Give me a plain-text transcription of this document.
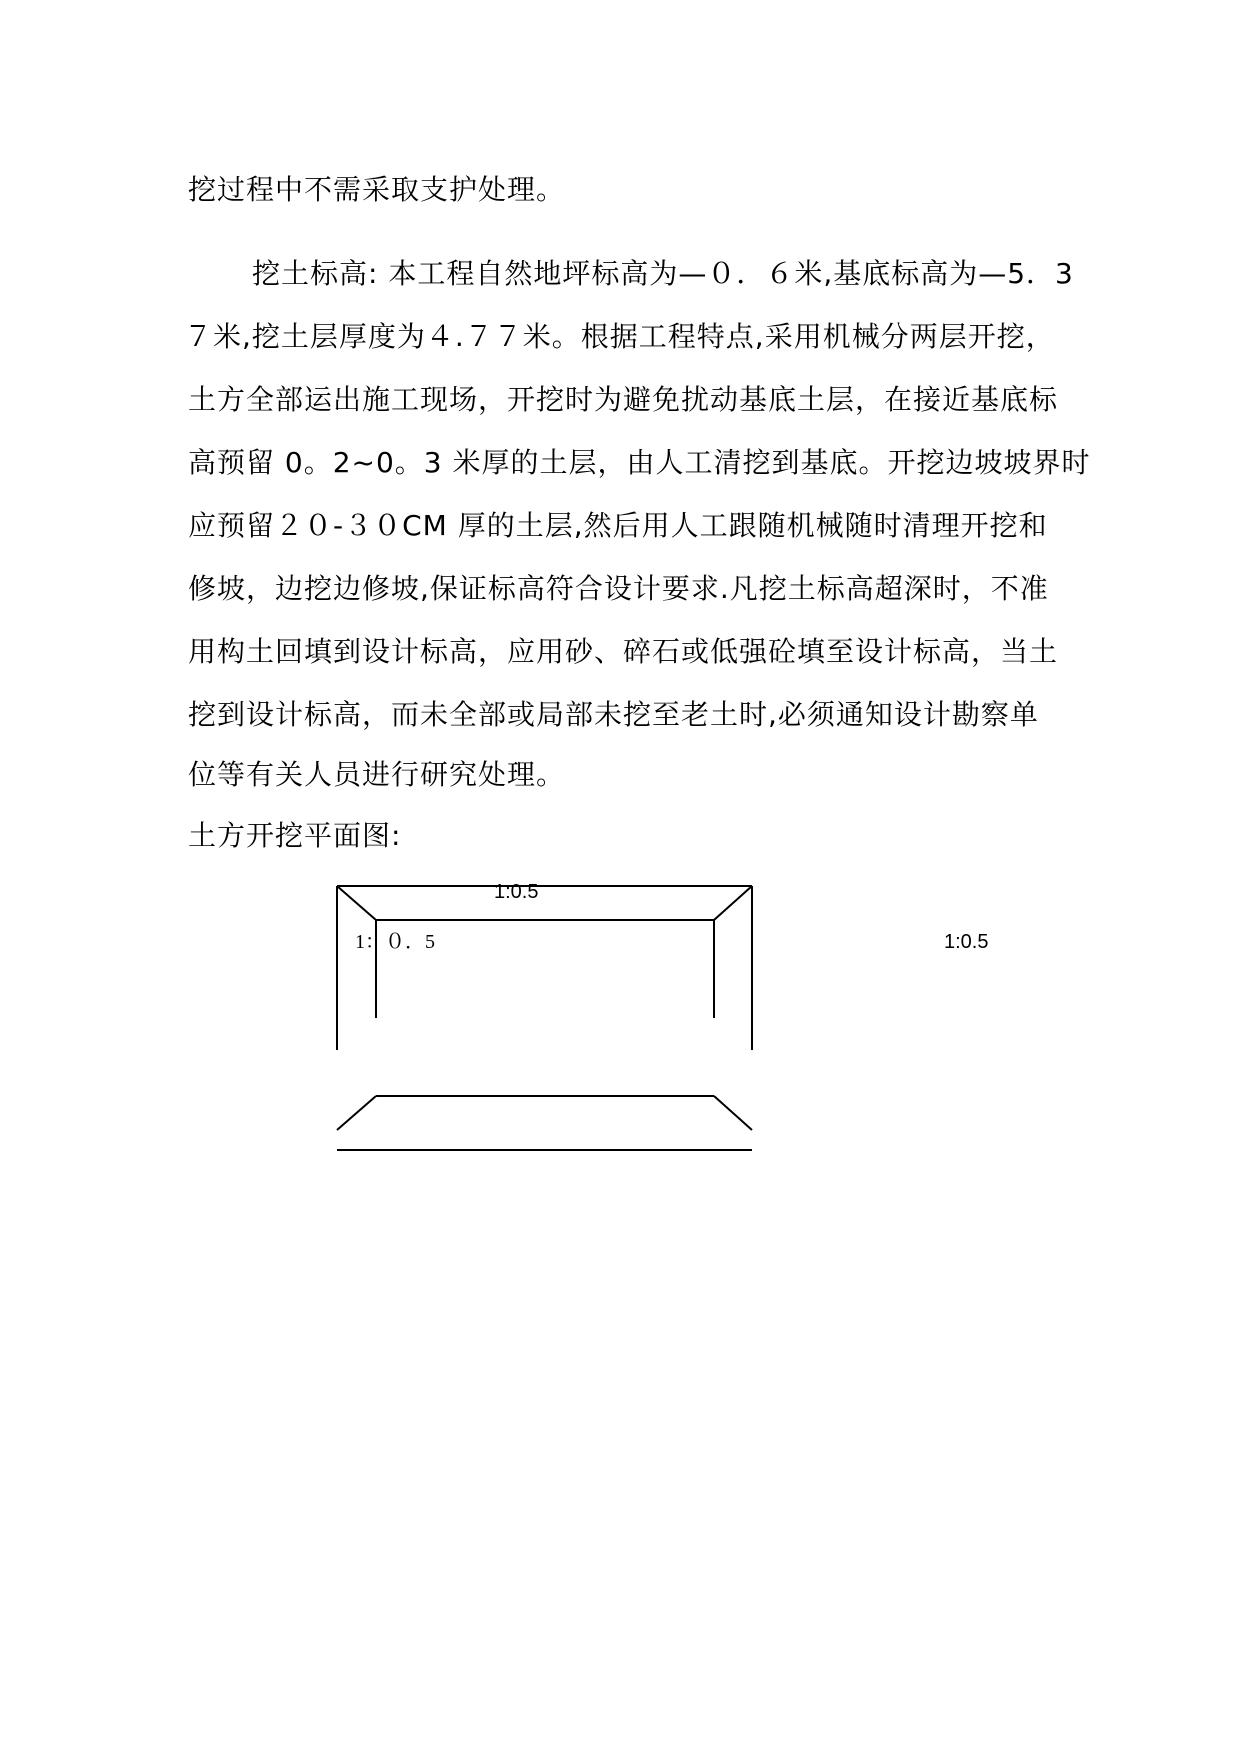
挖过程中不需采取支护处理。
挖土标高: 本工程自然地坪标高为—０．６米,基底标高为—5．3
７米,挖土层厚度为４.７７米。根据工程特点,采用机械分两层开挖，
土方全部运出施工现场，开挖时为避免扰动基底土层，在接近基底标
高预留 0。2~0。3 米厚的土层，由人工清挖到基底。开挖边坡坡界时
应预留２０-３０CM 厚的土层,然后用人工跟随机械随时清理开挖和
修坡，边挖边修坡,保证标高符合设计要求.凡挖土标高超深时，不准
用构土回填到设计标高，应用砂、碎石或低强砼填至设计标高，当土
挖到设计标高，而未全部或局部未挖至老土时,必须通知设计勘察单
位等有关人员进行研究处理。
土方开挖平面图:
1:0.5
1：０．5	1:0.5
